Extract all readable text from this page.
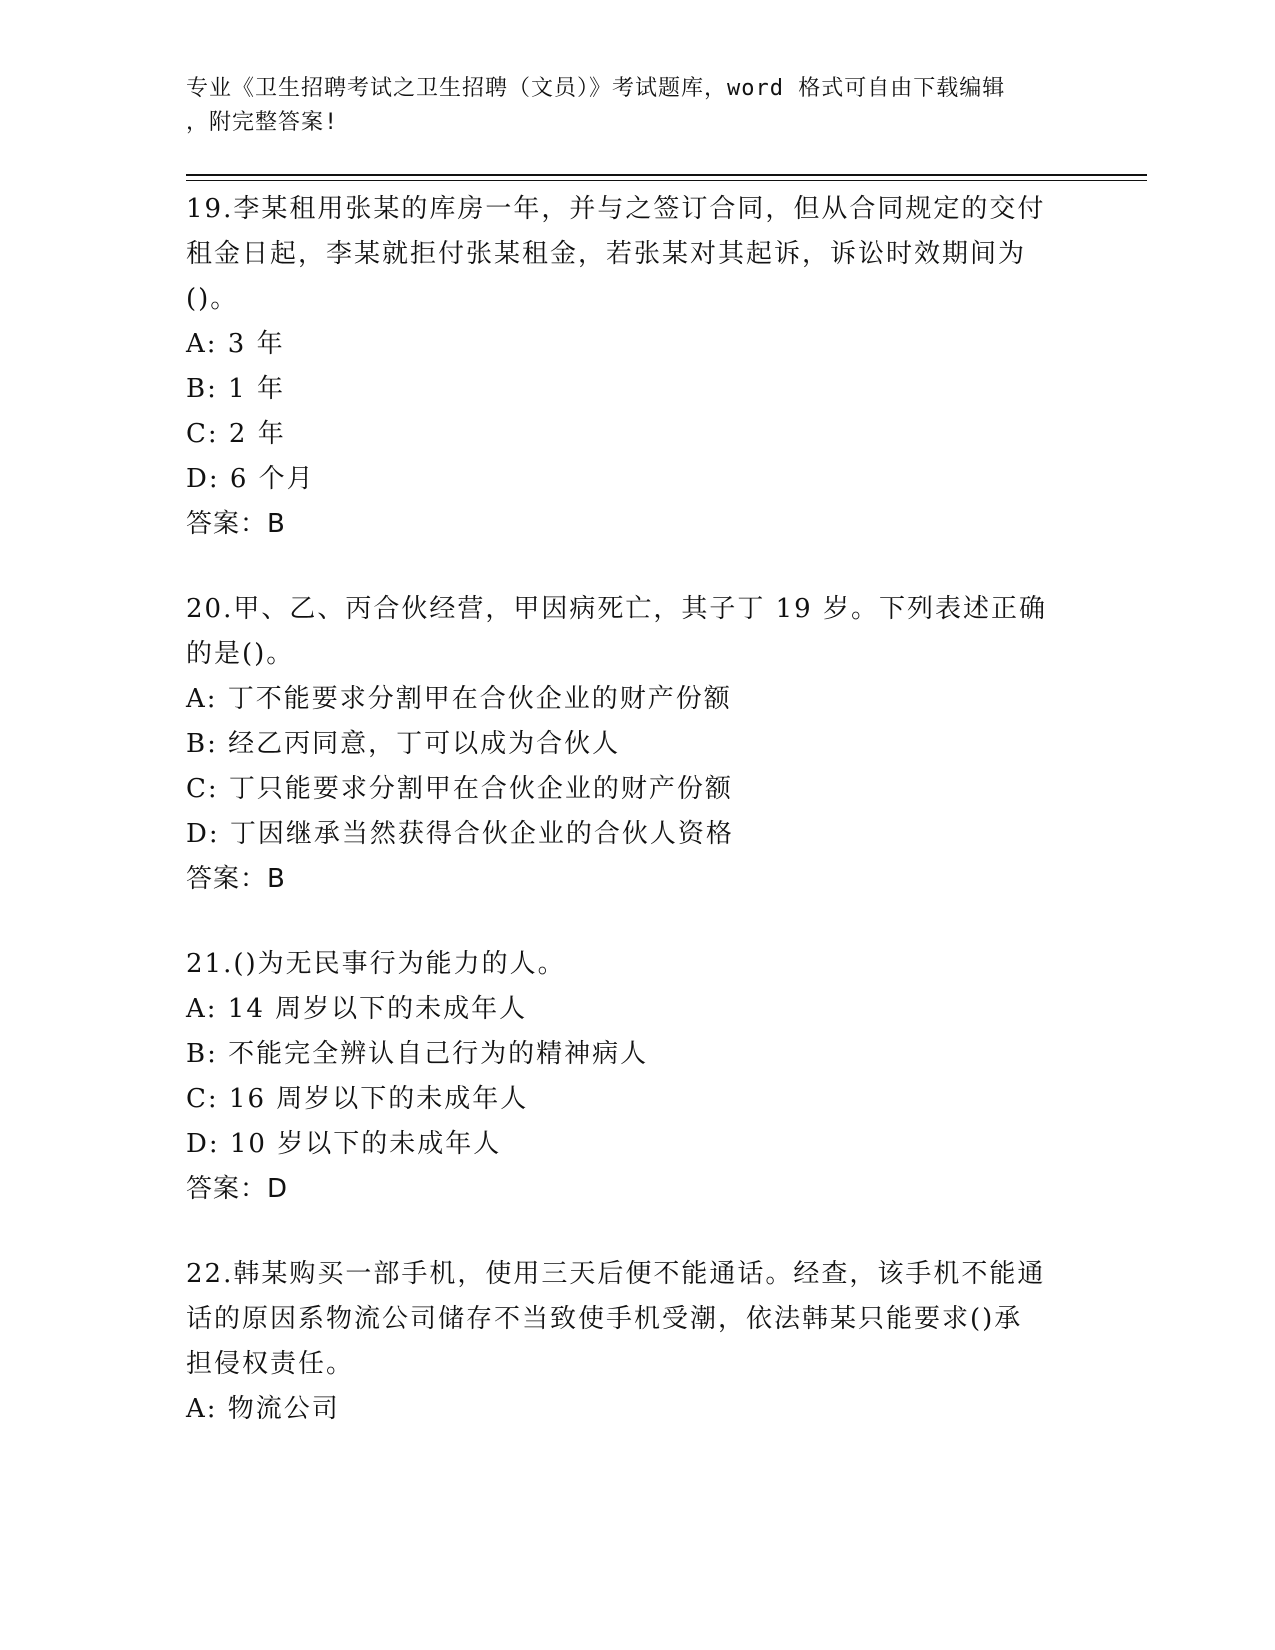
专业《卫生招聘考试之卫生招聘（文员）》考试题库，word 格式可自由下载编辑
，附完整答案!
19.李某租用张某的库房一年，并与之签订合同，但从合同规定的交付
租金日起，李某就拒付张某租金，若张某对其起诉，诉讼时效期间为
()。
A: 3 年
B: 1 年
C: 2 年
D: 6 个月
答案：B
20.甲、乙、丙合伙经营，甲因病死亡，其子丁 19 岁。下列表述正确
的是()。
A: 丁不能要求分割甲在合伙企业的财产份额
B: 经乙丙同意，丁可以成为合伙人
C: 丁只能要求分割甲在合伙企业的财产份额
D: 丁因继承当然获得合伙企业的合伙人资格
答案：B
21.()为无民事行为能力的人。
A: 14 周岁以下的未成年人
B: 不能完全辨认自己行为的精神病人
C: 16 周岁以下的未成年人
D: 10 岁以下的未成年人
答案：D
22.韩某购买一部手机，使用三天后便不能通话。经查，该手机不能通
话的原因系物流公司储存不当致使手机受潮，依法韩某只能要求()承
担侵权责任。
A: 物流公司
